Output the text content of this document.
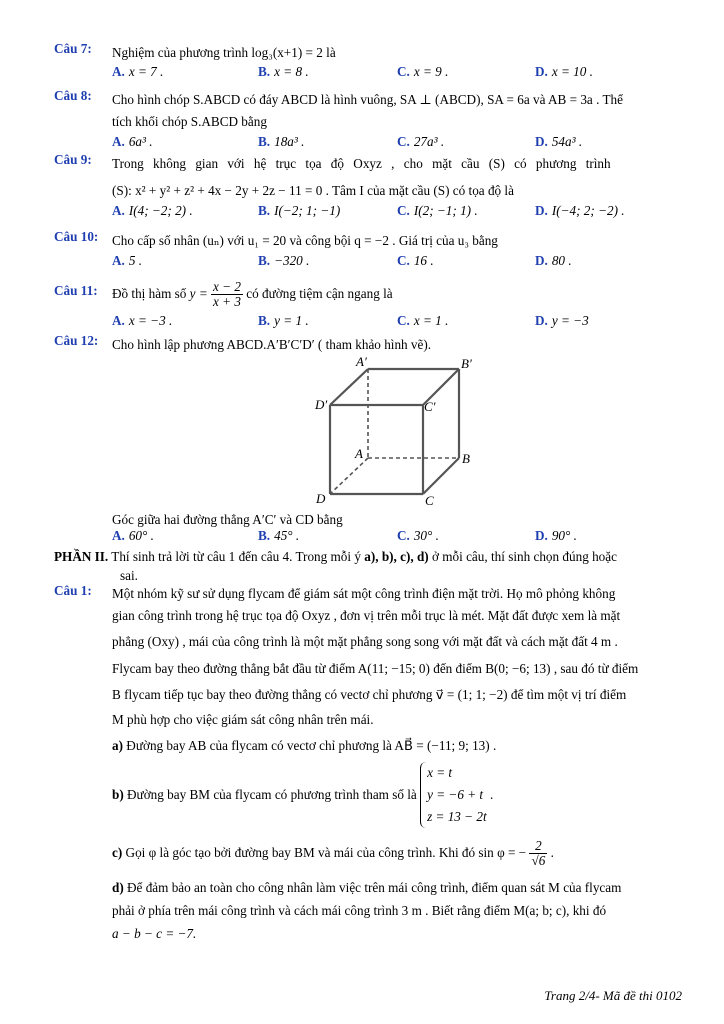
Câu 7: Nghiệm của phương trình log₃(x+1) = 2 là
A. x = 7 .	B. x = 8 .	C. x = 9 .	D. x = 10 .
Câu 8: Cho hình chóp S.ABCD có đáy ABCD là hình vuông, SA ⊥ (ABCD), SA = 6a và AB = 3a . Thể
tích khối chóp S.ABCD bằng
A. 6a³ .	B. 18a³ .	C. 27a³ .	D. 54a³ .
Câu 9: Trong không gian với hệ trục tọa độ Oxyz , cho mặt cầu (S) có phương trình
(S): x² + y² + z² + 4x − 2y + 2z − 11 = 0 . Tâm I của mặt cầu (S) có tọa độ là
A. I(4; −2; 2) .	B. I(−2; 1; −1)	C. I(2; −1; 1) .	D. I(−4; 2; −2) .
Câu 10: Cho cấp số nhân (uₙ) với u₁ = 20 và công bội q = −2 . Giá trị của u₃ bằng
A. 5 .	B. −320 .	C. 16 .	D. 80 .
Câu 11: Đồ thị hàm số $y = \frac{x - 2}{x + 3}$ có đường tiệm cận ngang là
A. x = −3 .	B. y = 1 .	C. x = 1 .	D. y = −3
Câu 12: Cho hình lập phương ABCD.A′B′C′D′ ( tham khảo hình vẽ).
A′	B′
C′
D′
A	B
C
D
Góc giữa hai đường thẳng A′C′ và CD bằng
A. 60° .	B. 45° .	C. 30° .	D. 90° .
PHẦN II. Thí sinh trả lời từ câu 1 đến câu 4. Trong mỗi ý a), b), c), d) ở mỗi câu, thí sinh chọn đúng hoặc
sai.
Câu 1: Một nhóm kỹ sư sử dụng flycam để giám sát một công trình điện mặt trời. Họ mô phỏng không
gian công trình trong hệ trục tọa độ Oxyz , đơn vị trên mỗi trục là mét. Mặt đất được xem là mặt
phẳng (Oxy) , mái của công trình là một mặt phẳng song song với mặt đất và cách mặt đất 4 m .
Flycam bay theo đường thẳng bắt đầu từ điểm A(11; −15; 0) đến điểm B(0; −6; 13) , sau đó từ điểm
B flycam tiếp tục bay theo đường thẳng có vectơ chỉ phương v⃗ = (1; 1; −2) để tìm một vị trí điểm
M phù hợp cho việc giám sát công nhân trên mái.
a) Đường bay AB của flycam có vectơ chỉ phương là AB⃗ = (−11; 9; 13) .
b)
Đường bay BM của flycam có phương trình tham số là

x = t
y = −6 + t
z = 13 − 2t

.
c) Gọi φ là góc tạo bởi đường bay BM và mái của công trình. Khi đó sin φ = − $\frac{2}{√6}$ .
d) Để đảm bảo an toàn cho công nhân làm việc trên mái công trình, điểm quan sát M của flycam
phải ở phía trên mái công trình và cách mái công trình 3 m . Biết rằng điểm M(a; b; c), khi đó
a − b − c = −7.
Trang 2/4- Mã đề thi 0102
